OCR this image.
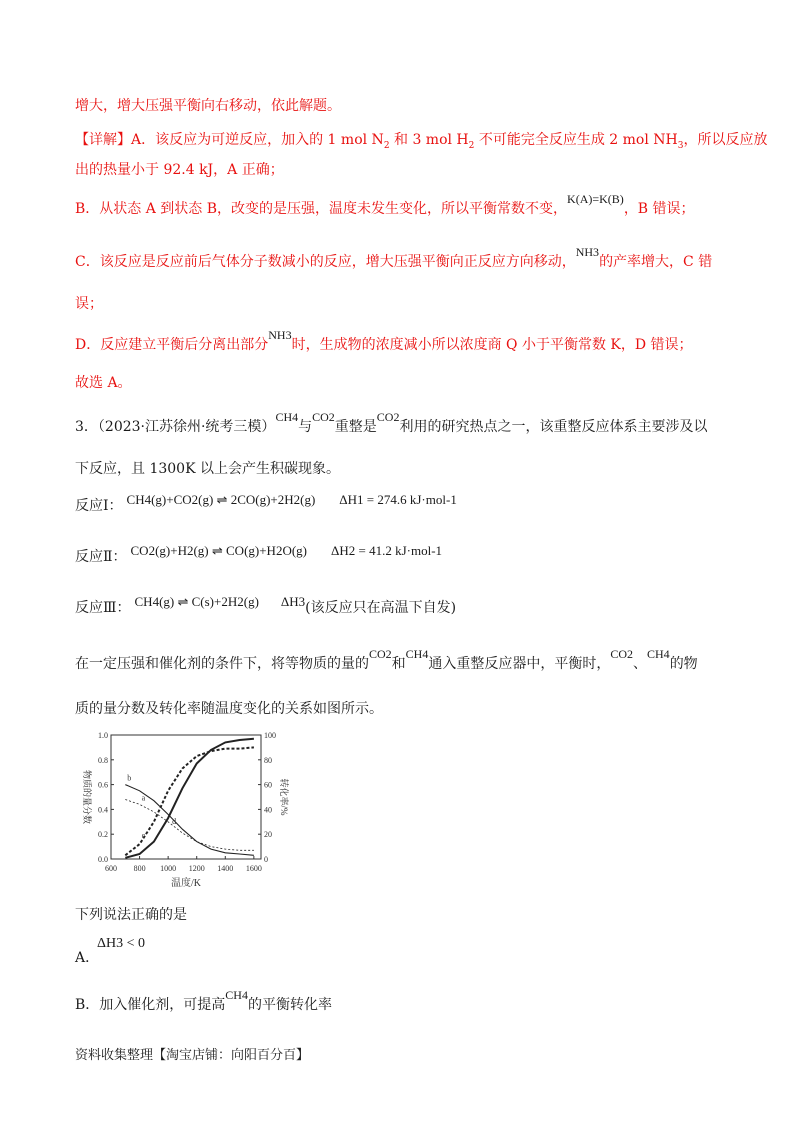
增大，增大压强平衡向右移动，依此解题。
【详解】A．该反应为可逆反应，加入的 1 mol $N_2$ 和 3 mol $H_2$ 不可能完全反应生成 2 mol $NH_3$，所以反应放
出的热量小于 92.4 kJ，A 正确；
B．从状态 A 到状态 B，改变的是压强，温度未发生变化，所以平衡常数不变，K(A)=K(B)，B 错误；
C．该反应是反应前后气体分子数减小的反应，增大压强平衡向正反应方向移动，NH3的产率增大，C 错
误；
D．反应建立平衡后分离出部分NH3时，生成物的浓度减小所以浓度商 Q 小于平衡常数 K，D 错误；
故选 A。
3．（2023·江苏徐州·统考三模）CH4与CO2重整是CO2利用的研究热点之一，该重整反应体系主要涉及以
下反应，且 1300K 以上会产生积碳现象。
反应Ⅰ： CH4(g)+CO2(g) ⇌ 2CO(g)+2H2(g) ΔH1 = 274.6 kJ·mol-1
反应Ⅱ： CO2(g)+H2(g) ⇌ CO(g)+H2O(g) ΔH2 = 41.2 kJ·mol-1
反应Ⅲ： CH4(g) ⇌ C(s)+2H2(g) ΔH3(该反应只在高温下自发)
在一定压强和催化剂的条件下，将等物质的量的CO2和CH4通入重整反应器中，平衡时，CO2、CH4的物
质的量分数及转化率随温度变化的关系如图所示。
600 800 1000 1200 1400 1600
0.0
0.2
0.4
0.6
0.8
1.0
0
20
40
60
80
100
温度/K
物质的量分数	转化率/%
a
b
c
d
下列说法正确的是
ΔH3 < 0
A．
B．加入催化剂，可提高CH4的平衡转化率
资料收集整理【淘宝店铺：向阳百分百】
